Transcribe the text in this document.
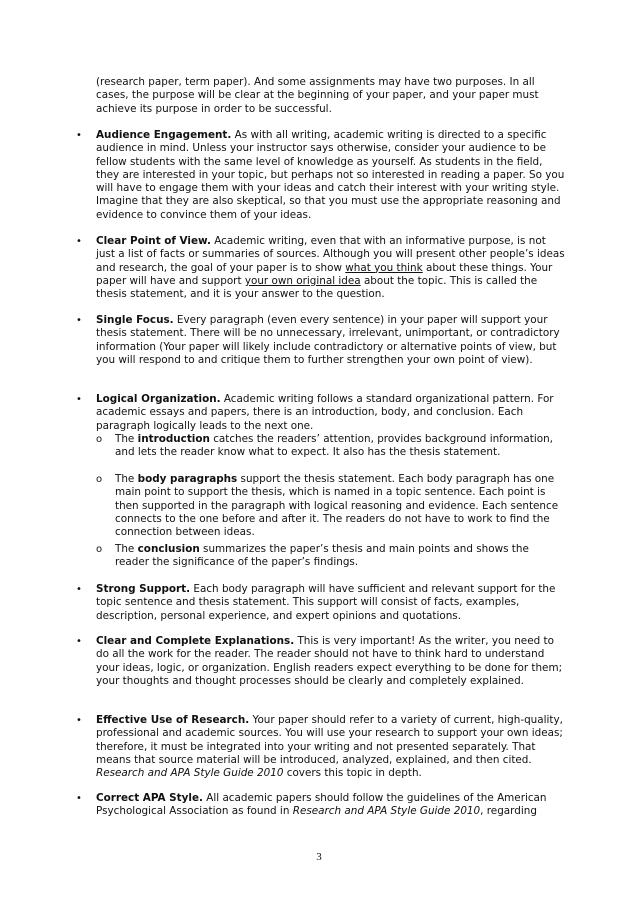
(research paper, term paper). And some assignments may have two purposes. In all cases, the purpose will be clear at the beginning of your paper, and your paper must achieve its purpose in order to be successful.
• Audience Engagement. As with all writing, academic writing is directed to a specific audience in mind. Unless your instructor says otherwise, consider your audience to be fellow students with the same level of knowledge as yourself. As students in the field, they are interested in your topic, but perhaps not so interested in reading a paper. So you will have to engage them with your ideas and catch their interest with your writing style. Imagine that they are also skeptical, so that you must use the appropriate reasoning and evidence to convince them of your ideas.
• Clear Point of View. Academic writing, even that with an informative purpose, is not just a list of facts or summaries of sources. Although you will present other people’s ideas and research, the goal of your paper is to show what you think about these things. Your paper will have and support your own original idea about the topic. This is called the thesis statement, and it is your answer to the question.
• Single Focus. Every paragraph (even every sentence) in your paper will support your thesis statement. There will be no unnecessary, irrelevant, unimportant, or contradictory information (Your paper will likely include contradictory or alternative points of view, but you will respond to and critique them to further strengthen your own point of view).
• Logical Organization. Academic writing follows a standard organizational pattern. For academic essays and papers, there is an introduction, body, and conclusion. Each paragraph logically leads to the next one.
o The introduction catches the readers’ attention, provides background information, and lets the reader know what to expect. It also has the thesis statement.
o The body paragraphs support the thesis statement. Each body paragraph has one main point to support the thesis, which is named in a topic sentence. Each point is then supported in the paragraph with logical reasoning and evidence. Each sentence connects to the one before and after it. The readers do not have to work to find the connection between ideas.
o The conclusion summarizes the paper’s thesis and main points and shows the reader the significance of the paper’s findings.
• Strong Support. Each body paragraph will have sufficient and relevant support for the topic sentence and thesis statement. This support will consist of facts, examples, description, personal experience, and expert opinions and quotations.
• Clear and Complete Explanations. This is very important! As the writer, you need to do all the work for the reader. The reader should not have to think hard to understand your ideas, logic, or organization. English readers expect everything to be done for them; your thoughts and thought processes should be clearly and completely explained.
• Effective Use of Research. Your paper should refer to a variety of current, high-quality, professional and academic sources. You will use your research to support your own ideas; therefore, it must be integrated into your writing and not presented separately. That means that source material will be introduced, analyzed, explained, and then cited. Research and APA Style Guide 2010 covers this topic in depth.
• Correct APA Style. All academic papers should follow the guidelines of the American Psychological Association as found in Research and APA Style Guide 2010, regarding
3
